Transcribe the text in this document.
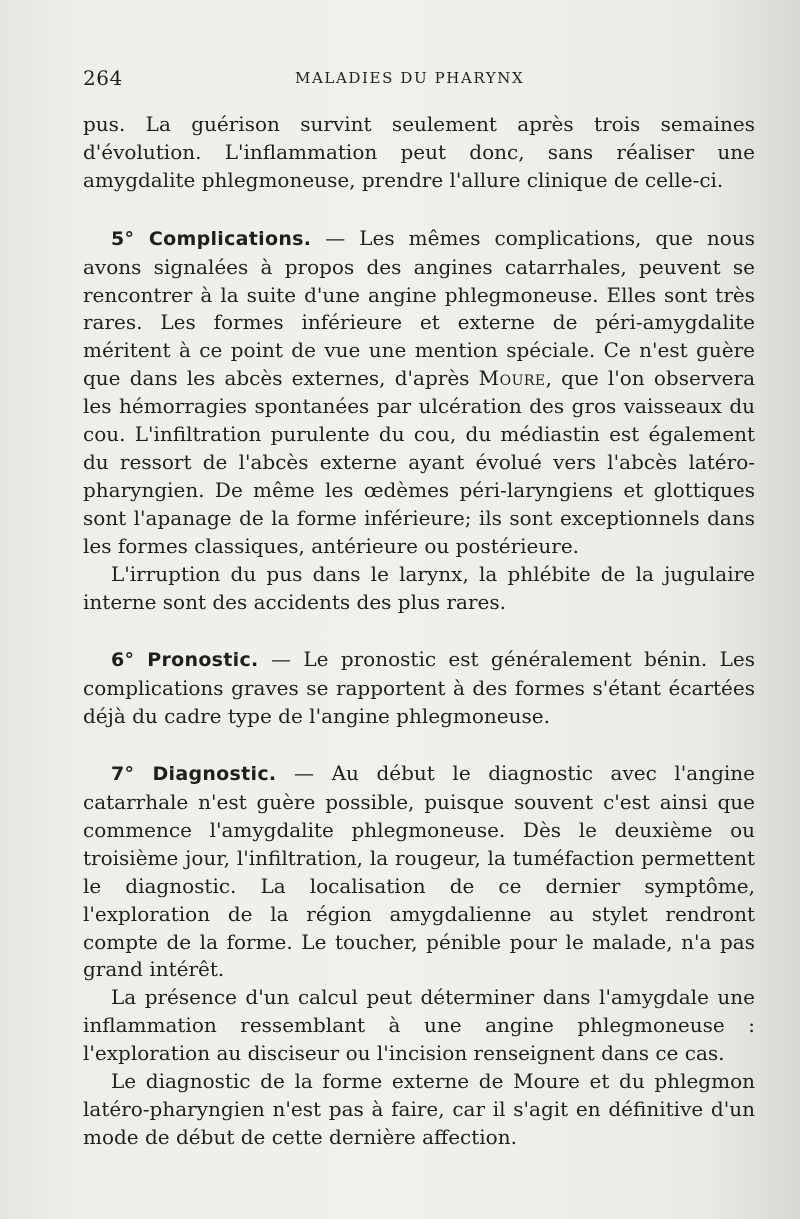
264	MALADIES DU PHARYNX

pus. La guérison survint seulement après trois semaines d'évolution. L'inflammation peut donc, sans réaliser une amygdalite phlegmoneuse, prendre l'allure clinique de celle-ci.

5° Complications. — Les mêmes complications, que nous avons signalées à propos des angines catarrhales, peuvent se rencontrer à la suite d'une angine phlegmoneuse. Elles sont très rares. Les formes inférieure et externe de péri-amygdalite méritent à ce point de vue une mention spéciale. Ce n'est guère que dans les abcès externes, d'après Moure, que l'on observera les hémorragies spontanées par ulcération des gros vaisseaux du cou. L'infiltration purulente du cou, du médiastin est également du ressort de l'abcès externe ayant évolué vers l'abcès latéro-pharyngien. De même les œdèmes péri-laryngiens et glottiques sont l'apanage de la forme inférieure; ils sont exceptionnels dans les formes classiques, antérieure ou postérieure.

L'irruption du pus dans le larynx, la phlébite de la jugulaire interne sont des accidents des plus rares.

6° Pronostic. — Le pronostic est généralement bénin. Les complications graves se rapportent à des formes s'étant écartées déjà du cadre type de l'angine phlegmoneuse.

7° Diagnostic. — Au début le diagnostic avec l'angine catarrhale n'est guère possible, puisque souvent c'est ainsi que commence l'amygdalite phlegmoneuse. Dès le deuxième ou troisième jour, l'infiltration, la rougeur, la tuméfaction permettent le diagnostic. La localisation de ce dernier symptôme, l'exploration de la région amygdalienne au stylet rendront compte de la forme. Le toucher, pénible pour le malade, n'a pas grand intérêt.

La présence d'un calcul peut déterminer dans l'amygdale une inflammation ressemblant à une angine phlegmoneuse : l'exploration au disciseur ou l'incision renseignent dans ce cas.

Le diagnostic de la forme externe de Moure et du phlegmon latéro-pharyngien n'est pas à faire, car il s'agit en définitive d'un mode de début de cette dernière affection.
